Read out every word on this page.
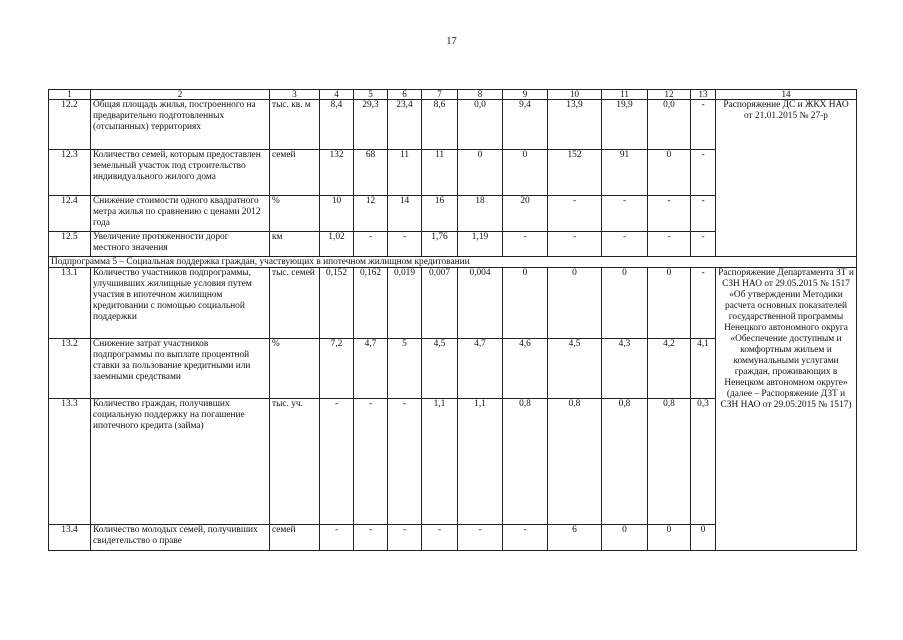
17
1	2	3	4	5	6	7	8	9	10	11	12	13	14
12.2	Общая площадь жилья, построенного на предварительно подготовленных (отсыпанных) территориях	тыс. кв. м	8,4	29,3	23,4	8,6	0,0	9,4	13,9	19,9	0,0	-	Распоряжение ДС и ЖКХ НАО от 21.01.2015 № 27-р
12.3	Количество семей, которым предоставлен земельный участок под строительство индивидуального жилого дома	семей	132	68	11	11	0	0	152	91	0	-	
12.4	Снижение стоимости одного квадратного метра жилья по сравнению с ценами 2012 года	%	10	12	14	16	18	20	-	-	-	-	
12.5	Увеличение протяженности дорог местного значения	км	1,02	-	-	1,76	1,19	-	-	-	-	-	
Подпрограмма 5 – Социальная поддержка граждан, участвующих в ипотечном жилищном кредитовании													
13.1	Количество участников подпрограммы, улучшивших жилищные условия путем участия в ипотечном жилищном кредитовании с помощью социальной поддержки	тыс. семей	0,152	0,162	0,019	0,007	0,004	0	0	0	0	-	Распоряжение Департамента ЗТ и СЗН НАО от 29.05.2015 № 1517 «Об утверждении Методики расчета основных показателей государственной программы Ненецкого автономного округа «Обеспечение доступным и комфортным жильем и коммунальными услугами граждан, проживающих в Ненецком автономном округе» (далее – Распоряжение ДЗТ и СЗН НАО от 29.05.2015 № 1517)
13.2	Снижение затрат участников подпрограммы по выплате процентной ставки за пользование кредитными или заемными средствами	%	7,2	4,7	5	4,5	4,7	4,6	4,5	4,3	4,2	4,1	
13.3	Количество граждан, получивших социальную поддержку на погашение ипотечного кредита (займа)	тыс. уч.	-	-	-	1,1	1,1	0,8	0,8	0,8	0,8	0,3	
13.4	Количество молодых семей, получивших свидетельство о праве	семей	-	-	-	-	-	-	6	0	0	0	
